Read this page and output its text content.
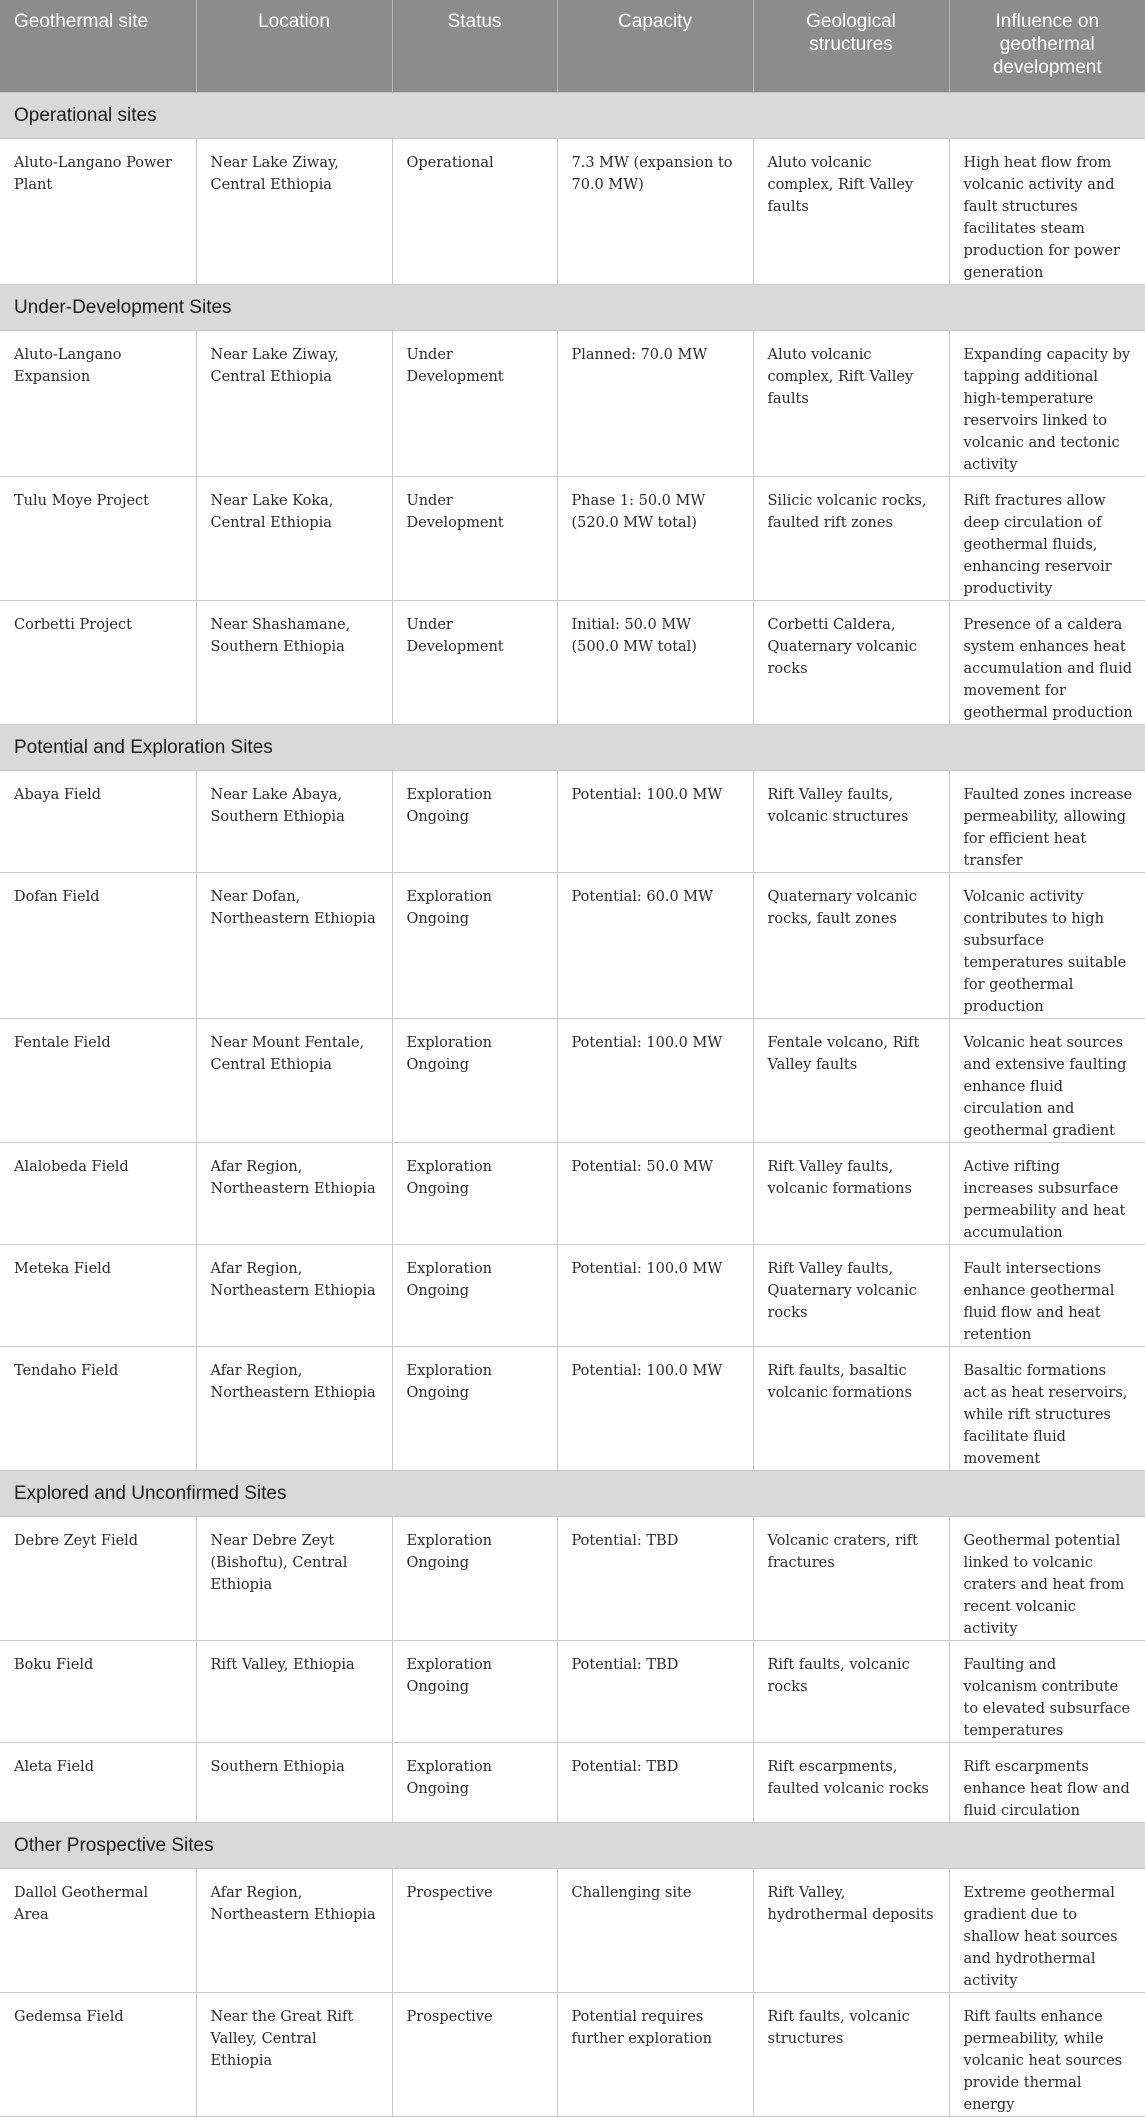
Geothermal site	Location	Status	Capacity	Geological structures	Influence on geothermal development
Operational sites					
Aluto-Langano Power Plant	Near Lake Ziway, Central Ethiopia	Operational	7.3 MW (expansion to 70.0 MW)	Aluto volcanic complex, Rift Valley faults	High heat flow from volcanic activity and fault structures facilitates steam production for power generation
Under-Development Sites					
Aluto-Langano Expansion	Near Lake Ziway, Central Ethiopia	Under Development	Planned: 70.0 MW	Aluto volcanic complex, Rift Valley faults	Expanding capacity by tapping additional high-temperature reservoirs linked to volcanic and tectonic activity
Tulu Moye Project	Near Lake Koka, Central Ethiopia	Under Development	Phase 1: 50.0 MW (520.0 MW total)	Silicic volcanic rocks, faulted rift zones	Rift fractures allow deep circulation of geothermal fluids, enhancing reservoir productivity
Corbetti Project	Near Shashamane, Southern Ethiopia	Under Development	Initial: 50.0 MW (500.0 MW total)	Corbetti Caldera, Quaternary volcanic rocks	Presence of a caldera system enhances heat accumulation and fluid movement for geothermal production
Potential and Exploration Sites					
Abaya Field	Near Lake Abaya, Southern Ethiopia	Exploration Ongoing	Potential: 100.0 MW	Rift Valley faults, volcanic structures	Faulted zones increase permeability, allowing for efficient heat transfer
Dofan Field	Near Dofan, Northeastern Ethiopia	Exploration Ongoing	Potential: 60.0 MW	Quaternary volcanic rocks, fault zones	Volcanic activity contributes to high subsurface temperatures suitable for geothermal production
Fentale Field	Near Mount Fentale, Central Ethiopia	Exploration Ongoing	Potential: 100.0 MW	Fentale volcano, Rift Valley faults	Volcanic heat sources and extensive faulting enhance fluid circulation and geothermal gradient
Alalobeda Field	Afar Region, Northeastern Ethiopia	Exploration Ongoing	Potential: 50.0 MW	Rift Valley faults, volcanic formations	Active rifting increases subsurface permeability and heat accumulation
Meteka Field	Afar Region, Northeastern Ethiopia	Exploration Ongoing	Potential: 100.0 MW	Rift Valley faults, Quaternary volcanic rocks	Fault intersections enhance geothermal fluid flow and heat retention
Tendaho Field	Afar Region, Northeastern Ethiopia	Exploration Ongoing	Potential: 100.0 MW	Rift faults, basaltic volcanic formations	Basaltic formations act as heat reservoirs, while rift structures facilitate fluid movement
Explored and Unconfirmed Sites					
Debre Zeyt Field	Near Debre Zeyt (Bishoftu), Central Ethiopia	Exploration Ongoing	Potential: TBD	Volcanic craters, rift fractures	Geothermal potential linked to volcanic craters and heat from recent volcanic activity
Boku Field	Rift Valley, Ethiopia	Exploration Ongoing	Potential: TBD	Rift faults, volcanic rocks	Faulting and volcanism contribute to elevated subsurface temperatures
Aleta Field	Southern Ethiopia	Exploration Ongoing	Potential: TBD	Rift escarpments, faulted volcanic rocks	Rift escarpments enhance heat flow and fluid circulation
Other Prospective Sites					
Dallol Geothermal Area	Afar Region, Northeastern Ethiopia	Prospective	Challenging site	Rift Valley, hydrothermal deposits	Extreme geothermal gradient due to shallow heat sources and hydrothermal activity
Gedemsa Field	Near the Great Rift Valley, Central Ethiopia	Prospective	Potential requires further exploration	Rift faults, volcanic structures	Rift faults enhance permeability, while volcanic heat sources provide thermal energy
